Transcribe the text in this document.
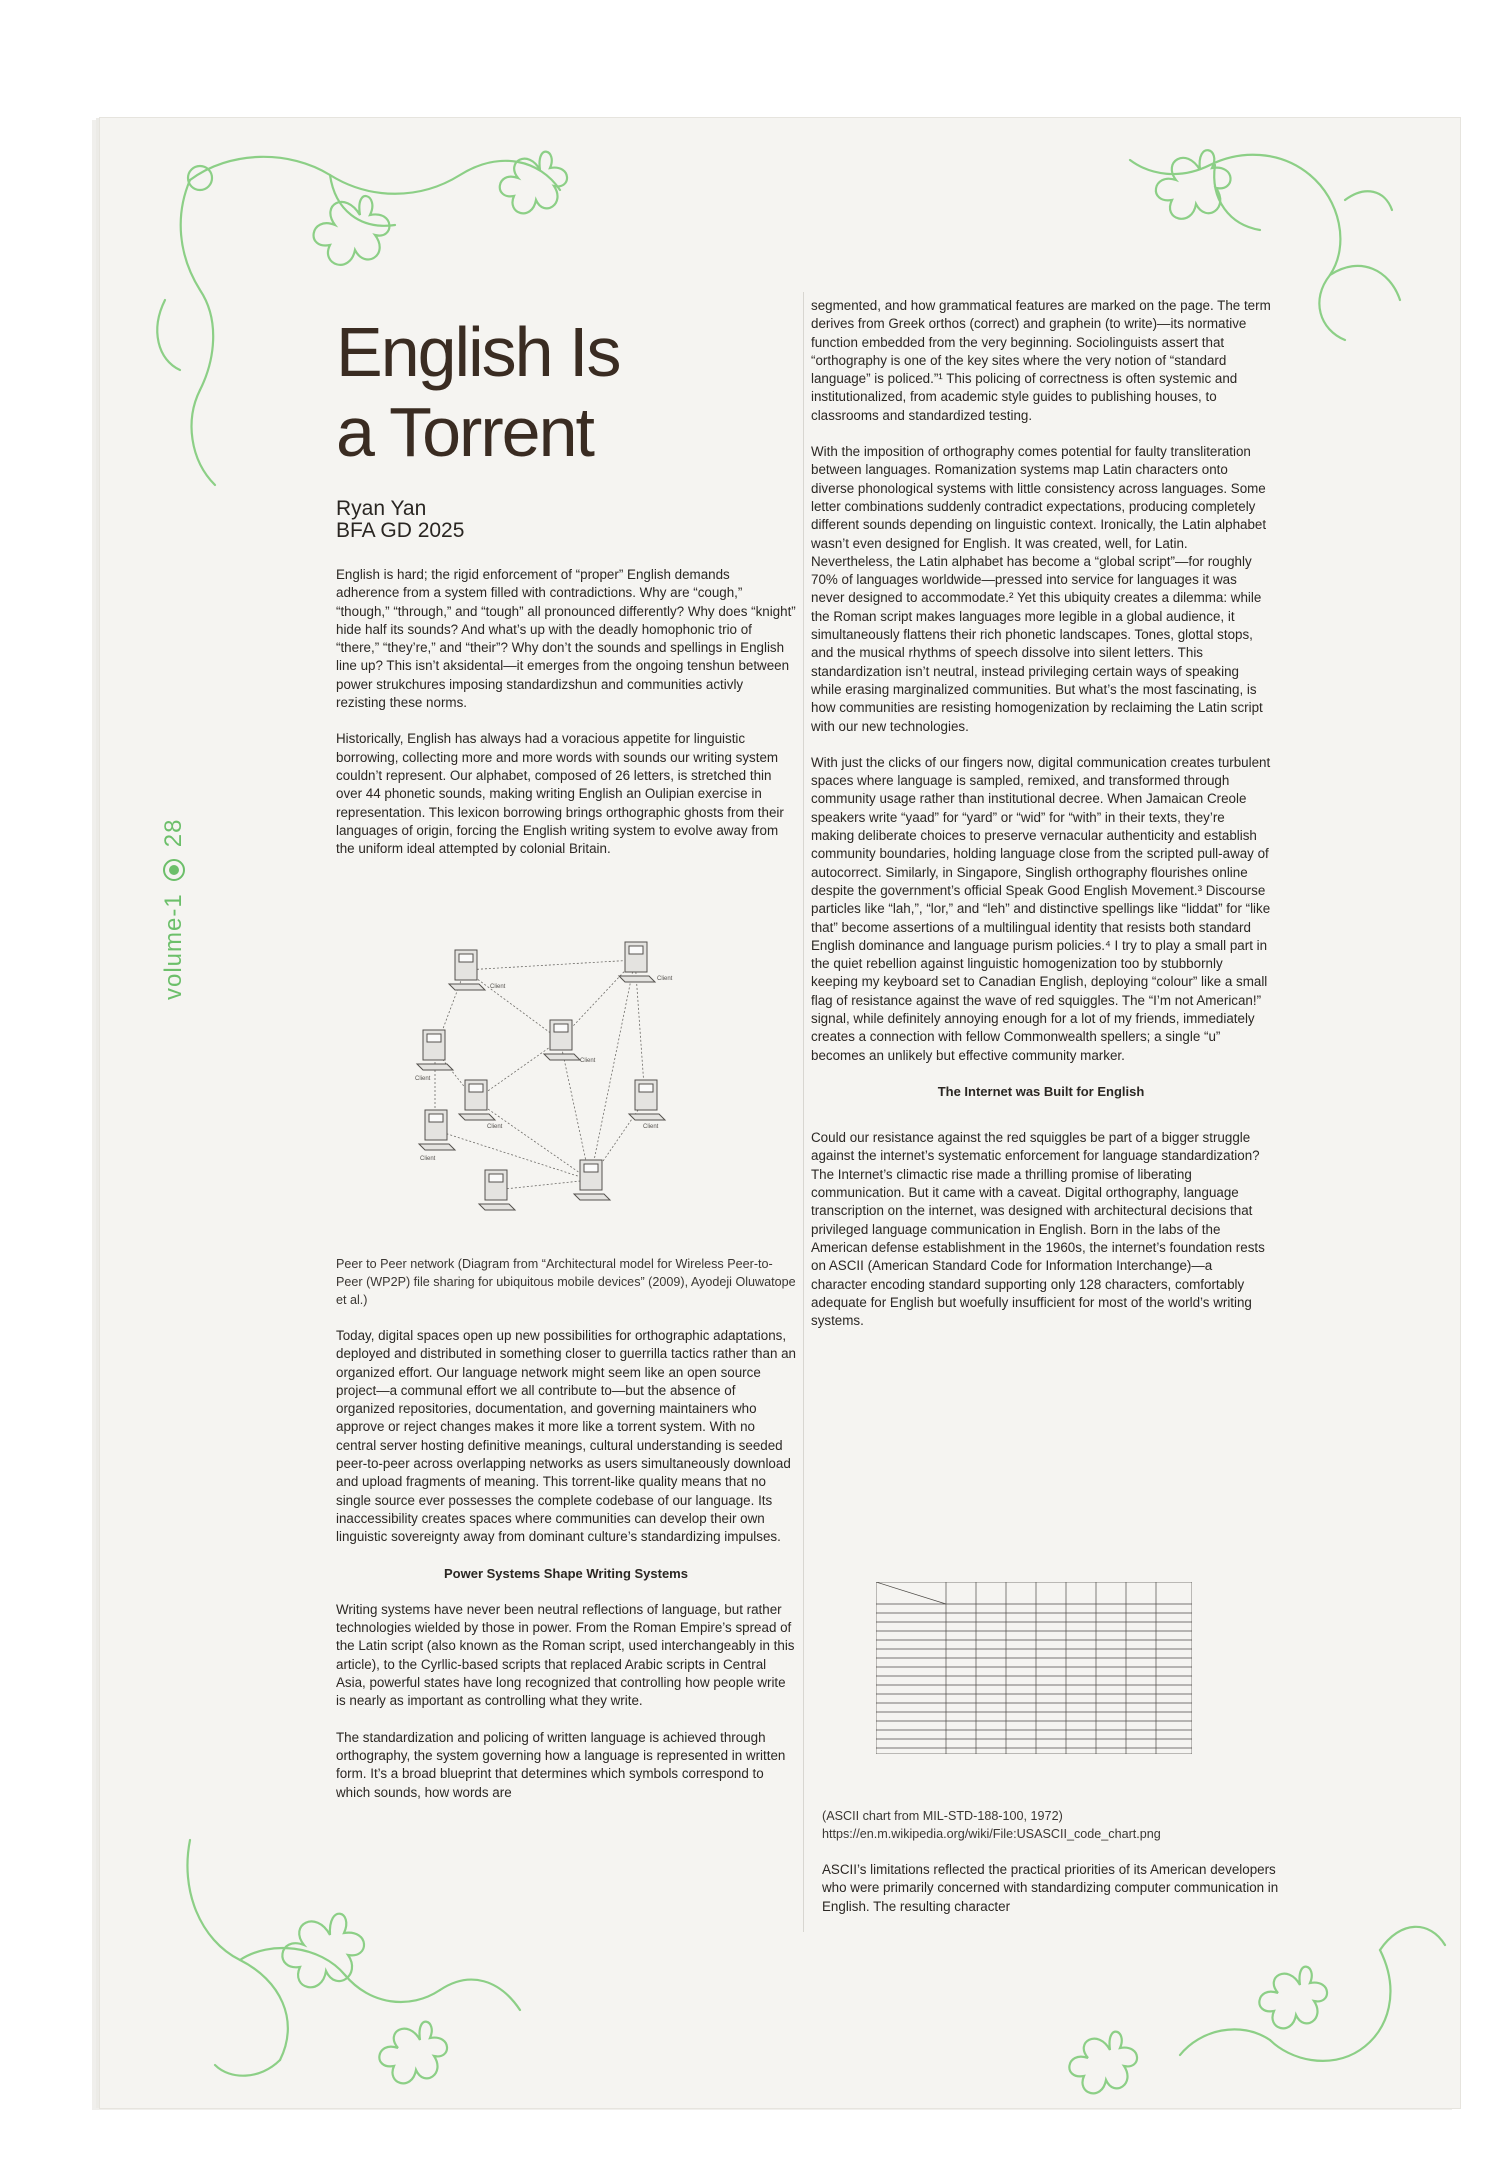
volume-1
28
English Is
a Torrent
Ryan Yan
BFA GD 2025

English is hard; the rigid enforcement of “proper” English demands adherence from a system filled with contradictions. Why are “cough,” “though,” “through,” and “tough” all pronounced differently? Why does “knight” hide half its sounds? And what’s up with the deadly homophonic trio of “there,” “they’re,” and “their”? Why don’t the sounds and spellings in English line up? This isn’t aksidental—it emerges from the ongoing tenshun between power strukchures imposing standardizshun and communities activly rezisting these norms.

Historically, English has always had a voracious appetite for linguistic borrowing, collecting more and more words with sounds our writing system couldn’t represent. Our alphabet, composed of 26 letters, is stretched thin over 44 phonetic sounds, making writing English an Oulipian exercise in representation. This lexicon borrowing brings orthographic ghosts from their languages of origin, forcing the English writing system to evolve away from the uniform ideal attempted by colonial Britain.

Client
Client
Client
Client
Client	Client
Client

Peer to Peer network (Diagram from “Architectural model for Wireless Peer-to-Peer (WP2P) file sharing for ubiquitous mobile devices” (2009), Ayodeji Oluwatope et al.)

Today, digital spaces open up new possibilities for orthographic adaptations, deployed and distributed in something closer to guerrilla tactics rather than an organized effort. Our language network might seem like an open source project—a communal effort we all contribute to—but the absence of organized repositories, documentation, and governing maintainers who approve or reject changes makes it more like a torrent system. With no central server hosting definitive meanings, cultural understanding is seeded peer-to-peer across overlapping networks as users simultaneously download and upload fragments of meaning. This torrent-like quality means that no single source ever possesses the complete codebase of our language. Its inaccessibility creates spaces where communities can develop their own linguistic sovereignty away from dominant culture’s standardizing impulses.

Power Systems Shape Writing Systems

Writing systems have never been neutral reflections of language, but rather technologies wielded by those in power. From the Roman Empire’s spread of the Latin script (also known as the Roman script, used interchangeably in this article), to the Cyrllic-based scripts that replaced Arabic scripts in Central Asia, powerful states have long recognized that controlling how people write is nearly as important as controlling what they write.

The standardization and policing of written language is achieved through orthography, the system governing how a language is represented in written form. It’s a broad blueprint that determines which symbols correspond to which sounds, how words are

segmented, and how grammatical features are marked on the page. The term derives from Greek orthos (correct) and graphein (to write)—its normative function embedded from the very beginning. Sociolinguists assert that “orthography is one of the key sites where the very notion of “standard language” is policed.”¹ This policing of correctness is often systemic and institutionalized, from academic style guides to publishing houses, to classrooms and standardized testing.

With the imposition of orthography comes potential for faulty transliteration between languages. Romanization systems map Latin characters onto diverse phonological systems with little consistency across languages. Some letter combinations suddenly contradict expectations, producing completely different sounds depending on linguistic context. Ironically, the Latin alphabet wasn’t even designed for English. It was created, well, for Latin. Nevertheless, the Latin alphabet has become a “global script”—for roughly 70% of languages worldwide—pressed into service for languages it was never designed to accommodate.² Yet this ubiquity creates a dilemma: while the Roman script makes languages more legible in a global audience, it simultaneously flattens their rich phonetic landscapes. Tones, glottal stops, and the musical rhythms of speech dissolve into silent letters. This standardization isn’t neutral, instead privileging certain ways of speaking while erasing marginalized communities. But what’s the most fascinating, is how communities are resisting homogenization by reclaiming the Latin script with our new technologies.

With just the clicks of our fingers now, digital communication creates turbulent spaces where language is sampled, remixed, and transformed through community usage rather than institutional decree. When Jamaican Creole speakers write “yaad” for “yard” or “wid” for “with” in their texts, they’re making deliberate choices to preserve vernacular authenticity and establish community boundaries, holding language close from the scripted pull-away of autocorrect. Similarly, in Singapore, Singlish orthography flourishes online despite the government’s official Speak Good English Movement.³ Discourse particles like “lah,”, “lor,” and “leh” and distinctive spellings like “liddat” for “like that” become assertions of a multilingual identity that resists both standard English dominance and language purism policies.⁴ I try to play a small part in the quiet rebellion against linguistic homogenization too by stubbornly keeping my keyboard set to Canadian English, deploying “colour” like a small flag of resistance against the wave of red squiggles. The “I’m not American!” signal, while definitely annoying enough for a lot of my friends, immediately creates a connection with fellow Commonwealth spellers; a single “u” becomes an unlikely but effective community marker.

The Internet was Built for English

Could our resistance against the red squiggles be part of a bigger struggle against the internet’s systematic enforcement for language standardization? The Internet’s climactic rise made a thrilling promise of liberating communication. But it came with a caveat. Digital orthography, language transcription on the internet, was designed with architectural decisions that privileged language communication in English. Born in the labs of the American defense establishment in the 1960s, the internet’s foundation rests on ASCII (American Standard Code for Information Interchange)—a character encoding standard supporting only 128 characters, comfortably adequate for English but woefully insufficient for most of the world’s writing systems.

(ASCII chart from MIL-STD-188-100, 1972)
https://en.m.wikipedia.org/wiki/File:USASCII_code_chart.png

ASCII’s limitations reflected the practical priorities of its American developers who were primarily concerned with standardizing computer communication in English. The resulting character
